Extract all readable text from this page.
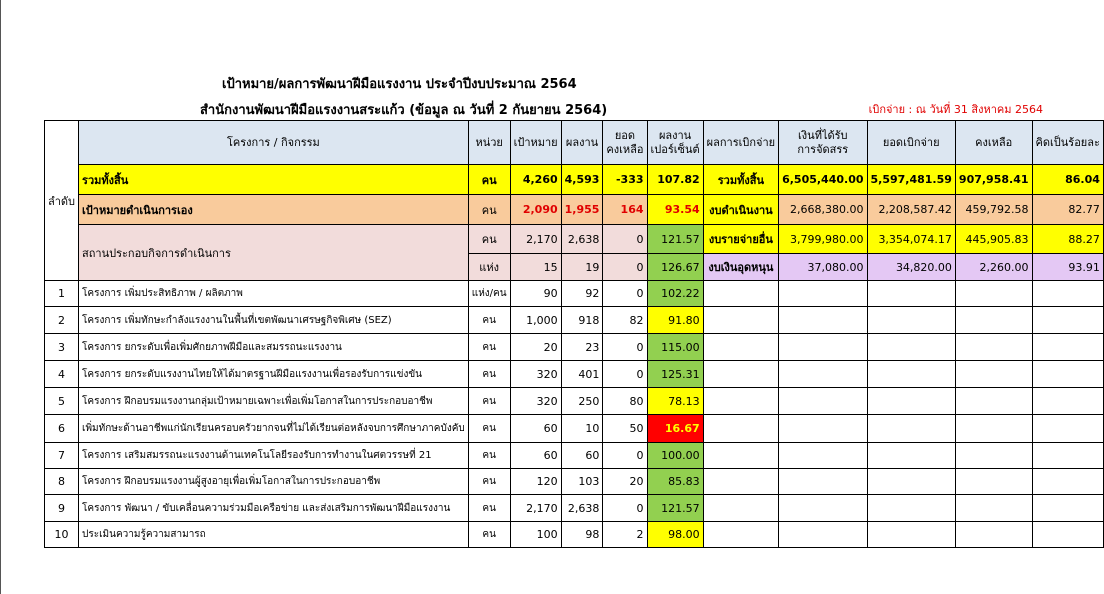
เป้าหมาย/ผลการพัฒนาฝีมือแรงงาน ประจำปีงบประมาณ 2564
สำนักงานพัฒนาฝีมือแรงงานสระแก้ว (ข้อมูล ณ วันที่ 2 กันยายน 2564)	เบิกจ่าย : ณ วันที่ 31 สิงหาคม 2564
ลำดับ	โครงการ / กิจกรรม	หน่วย	เป้าหมาย	ผลงาน	ยอด
คงเหลือ	ผลงาน
เปอร์เซ็นต์	ผลการเบิกจ่าย	เงินที่ได้รับ
การจัดสรร	ยอดเบิกจ่าย	คงเหลือ	คิดเป็นร้อยละ
	รวมทั้งสิ้น	คน	4,260	4,593	-333	107.82	รวมทั้งสิ้น	6,505,440.00	5,597,481.59	907,958.41	86.04
	เป้าหมายดำเนินการเอง	คน	2,090	1,955	164	93.54	งบดำเนินงาน	2,668,380.00	2,208,587.42	459,792.58	82.77
	สถานประกอบกิจการดำเนินการ	คน	2,170	2,638	0	121.57	งบรายจ่ายอื่น	3,799,980.00	3,354,074.17	445,905.83	88.27
		แห่ง	15	19	0	126.67	งบเงินอุดหนุน	37,080.00	34,820.00	2,260.00	93.91
1	โครงการ เพิ่มประสิทธิภาพ / ผลิตภาพ	แห่ง/คน	90	92	0	102.22					
2	โครงการ เพิ่มทักษะกำลังแรงงานในพื้นที่เขตพัฒนาเศรษฐกิจพิเศษ (SEZ)	คน	1,000	918	82	91.80					
3	โครงการ ยกระดับเพื่อเพิ่มศักยภาพฝีมือและสมรรถนะแรงงาน	คน	20	23	0	115.00					
4	โครงการ ยกระดับแรงงานไทยให้ได้มาตรฐานฝีมือแรงงานเพื่อรองรับการแข่งขัน	คน	320	401	0	125.31					
5	โครงการ ฝึกอบรมแรงงานกลุ่มเป้าหมายเฉพาะเพื่อเพิ่มโอกาสในการประกอบอาชีพ	คน	320	250	80	78.13					
6	เพิ่มทักษะด้านอาชีพแก่นักเรียนครอบครัวยากจนที่ไม่ได้เรียนต่อหลังจบการศึกษาภาคบังคับ	คน	60	10	50	16.67					
7	โครงการ เสริมสมรรถนะแรงงานด้านเทคโนโลยีรองรับการทำงานในศตวรรษที่ 21	คน	60	60	0	100.00					
8	โครงการ ฝึกอบรมแรงงานผู้สูงอายุเพื่อเพิ่มโอกาสในการประกอบอาชีพ	คน	120	103	20	85.83					
9	โครงการ พัฒนา / ขับเคลื่อนความร่วมมือเครือข่าย และส่งเสริมการพัฒนาฝีมือแรงงาน	คน	2,170	2,638	0	121.57					
10	ประเมินความรู้ความสามารถ	คน	100	98	2	98.00					
